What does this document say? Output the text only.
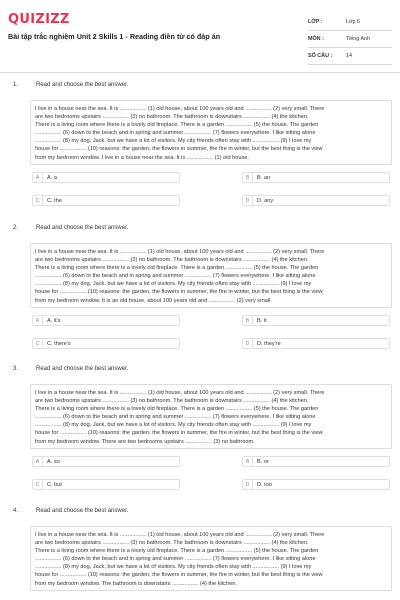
QUIZIZZ
Bài tập trắc nghiệm Unit 2 Skills 1 - Reading điền từ có đáp án
LỚP :	Lớp 6
MÔN :	Tiếng Anh
SỐ CÂU :	14
1.	Read and choose the best answer.
I live in a house near the sea. It is ................. (1) old house, about 100 years old and ................. (2) very small. There
are two bedrooms upstairs ................. (3) no bathroom. The bathroom is downstairs ................. (4) the kitchen.
There is a living room where there is a lovely old fireplace. There is a garden ................. (5) the house. The garden
................. (6) down to the beach and in spring and summer ................. (7) flowers everywhere. I like sitting alone
................. (8) my dog, Jack, but we have a lot of visitors. My city friends often stay with ................. (9) I love my
house for ................. (10) reasons: the garden, the flowers in summer, the fire in winter, but the best thing is the view
from my bedroom window. I live in a house near the sea. It is ................. (1) old house.
A	A. a	B	B. an
C	C. the	D	D. any
2.	Read and choose the best answer.
I live in a house near the sea. It is ................. (1) old house, about 100 years old and ................. (2) very small. There
are two bedrooms upstairs ................. (3) no bathroom. The bathroom is downstairs ................. (4) the kitchen.
There is a living room where there is a lovely old fireplace. There is a garden ................. (5) the house. The garden
................. (6) down to the beach and in spring and summer ................. (7) flowers everywhere. I like sitting alone
................. (8) my dog, Jack, but we have a lot of visitors. My city friends often stay with ................. (9) I love my
house for ................. (10) reasons: the garden, the flowers in summer, the fire in winter, but the best thing is the view
from my bedroom window. It is an old house, about 100 years old and ................. (2) very small.
A	A. it's	B	B. it
C	C. there's	D	D. they're
3.	Read and choose the best answer.
I live in a house near the sea. It is ................. (1) old house, about 100 years old and ................. (2) very small. There
are two bedrooms upstairs ................. (3) no bathroom. The bathroom is downstairs ................. (4) the kitchen.
There is a living room where there is a lovely old fireplace. There is a garden ................. (5) the house. The garden
................. (6) down to the beach and in spring and summer ................. (7) flowers everywhere. I like sitting alone
................. (8) my dog, Jack, but we have a lot of visitors. My city friends often stay with ................. (9) I love my
house for ................. (10) reasons: the garden, the flowers in summer, the fire in winter, but the best thing is the view
from my bedroom window. There are two bedrooms upstairs ................. (3) no bathroom.
A	A. so	B	B. or
C	C. but	D	D. too
4.	Read and choose the best answer.
I live in a house near the sea. It is ................. (1) old house, about 100 years old and ................. (2) very small. There
are two bedrooms upstairs ................. (3) no bathroom. The bathroom is downstairs ................. (4) the kitchen.
There is a living room where there is a lovely old fireplace. There is a garden ................. (5) the house. The garden
................. (6) down to the beach and in spring and summer ................. (7) flowers everywhere. I like sitting alone
................. (8) my dog, Jack, but we have a lot of visitors. My city friends often stay with ................. (9) I love my
house for ................. (10) reasons: the garden, the flowers in summer, the fire in winter, but the best thing is the view
from my bedroom window. The bathroom is downstairs ................. (4) the kitchen.
